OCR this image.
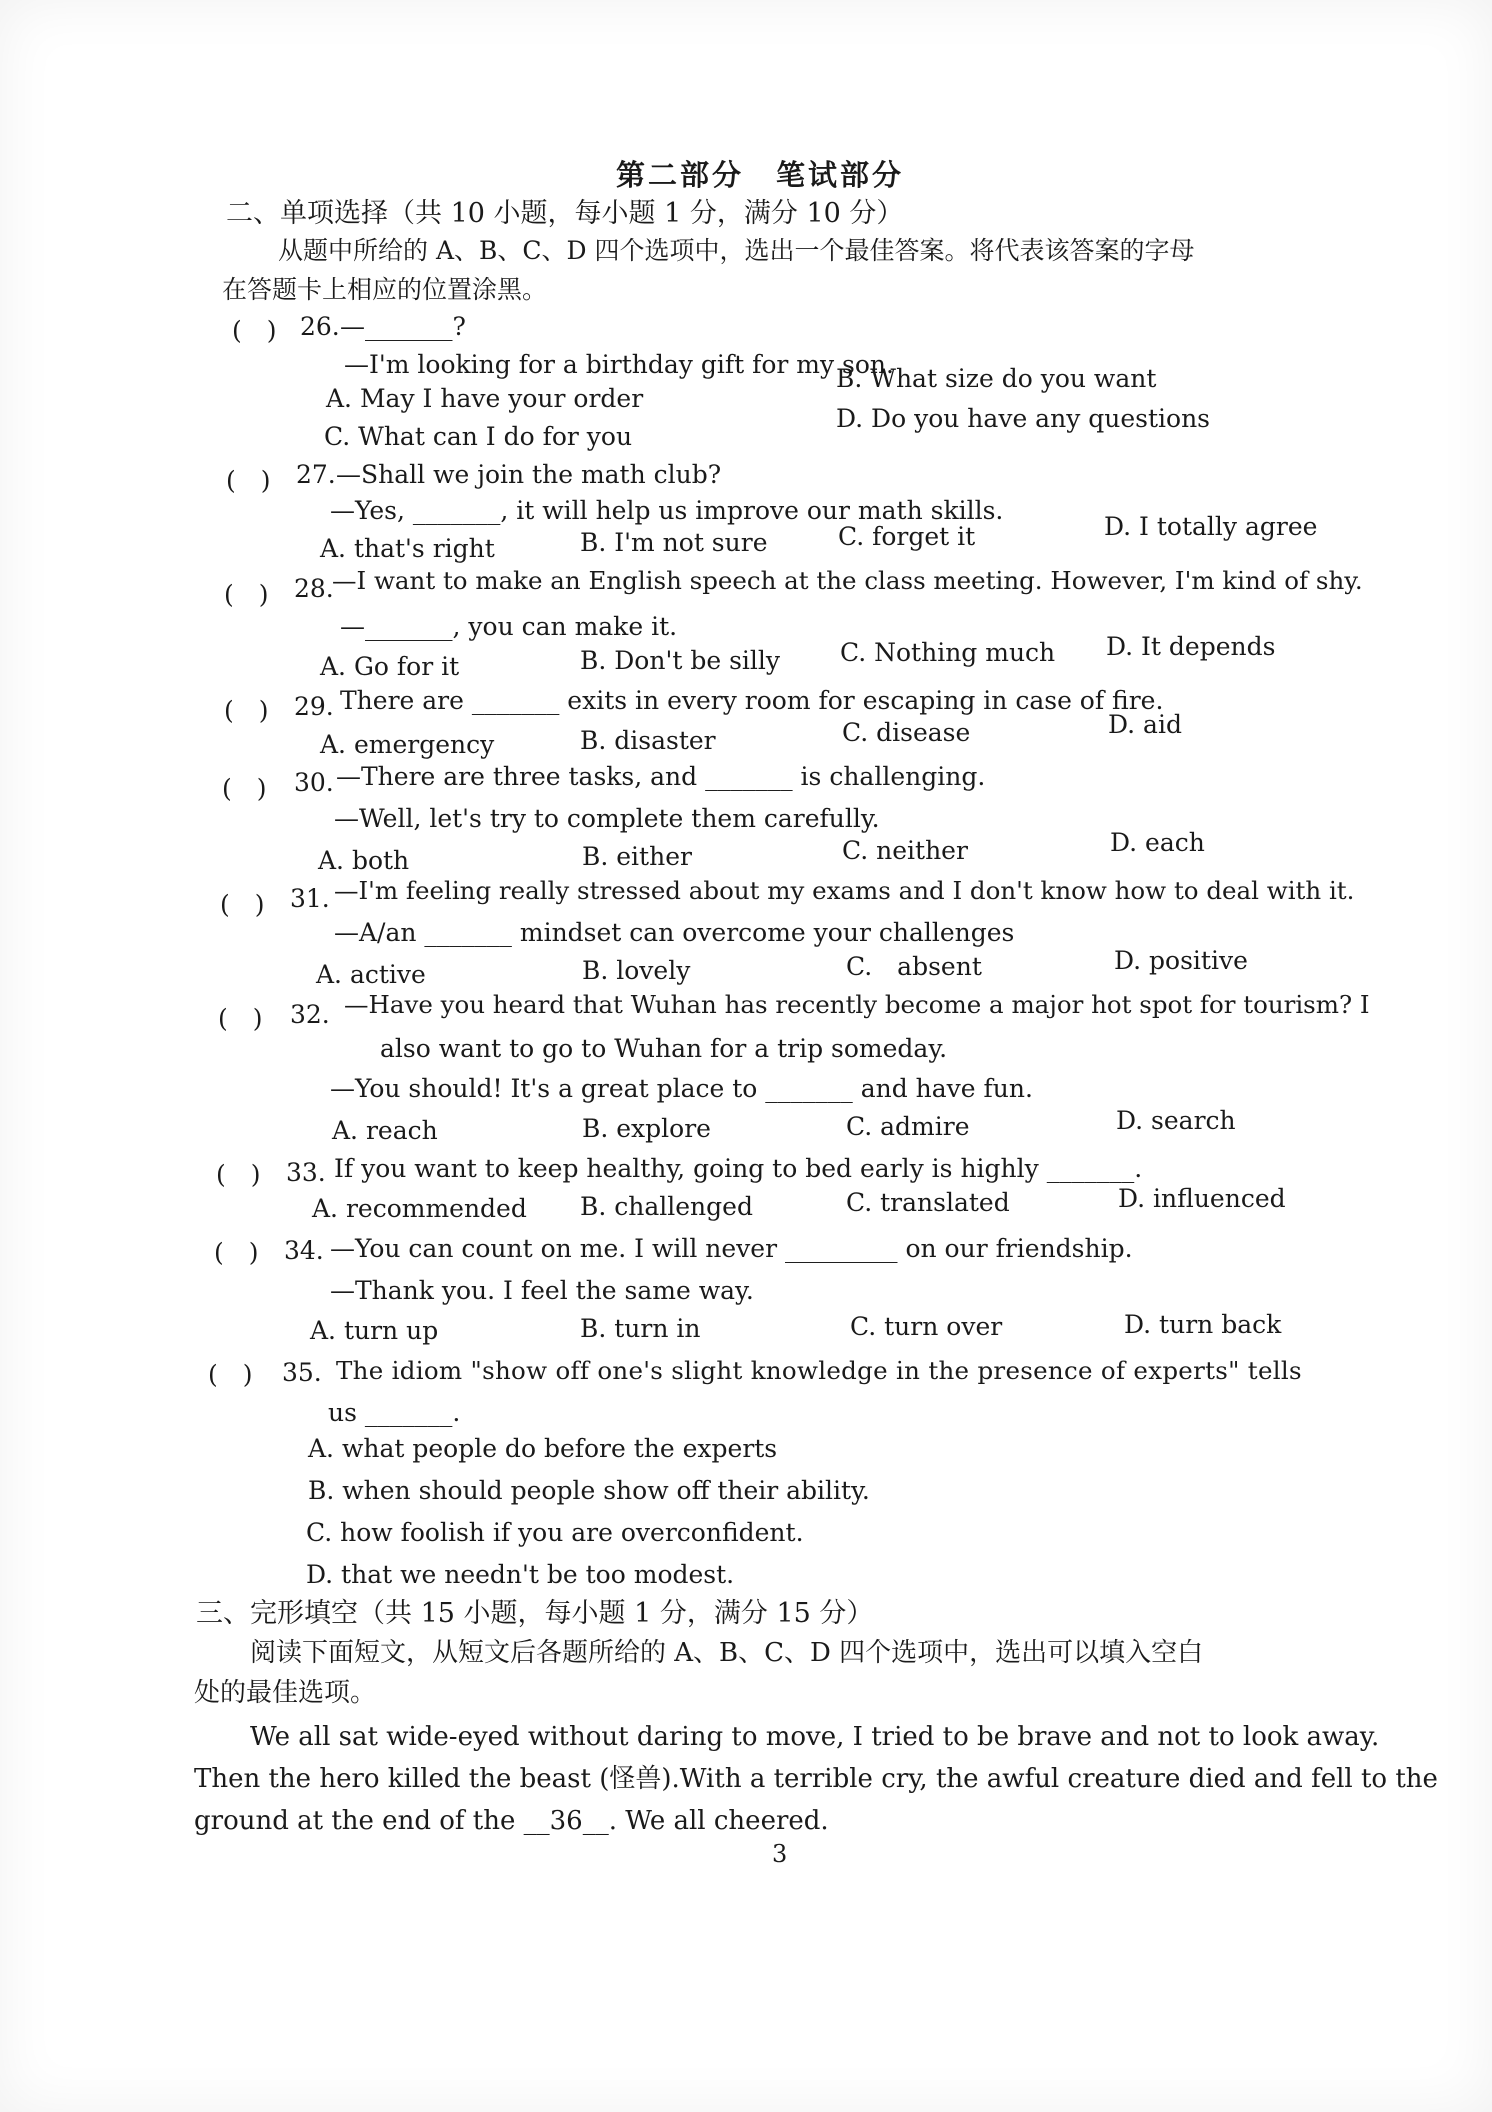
第二部分　笔试部分
二、单项选择（共 10 小题，每小题 1 分，满分 10 分）
从题中所给的 A、B、C、D 四个选项中，选出一个最佳答案。将代表该答案的字母
在答题卡上相应的位置涂黑。
(　) 26. —_______?
—I'm looking for a birthday gift for my son.
A. May I have your order
B. What size do you want
C. What can I do for you
D. Do you have any questions
(　) 27. —Shall we join the math club?
—Yes, _______, it will help us improve our math skills.
A. that's right	B. I'm not sure	C. forget it	D. I totally agree
(　) 28.
—I want to make an English speech at the class meeting. However, I'm kind of shy.
—_______, you can make it.
A. Go for it	B. Don't be silly C. Nothing much D. It depends
(　) 29. There are _______ exits in every room for escaping in case of fire.
A. emergency	B. disaster	C. disease	D. aid
(　) 30. —There are three tasks, and _______ is challenging.
—Well, let's try to complete them carefully.
A. both	B. either	C. neither	D. each
(　) 31. —I'm feeling really stressed about my exams and I don't know how to deal with it.
—A/an _______ mindset can overcome your challenges
A. active	B. lovely	C.　absent	D. positive
(　) 32. —Have you heard that Wuhan has recently become a major hot spot for tourism? I
also want to go to Wuhan for a trip someday.
—You should! It's a great place to _______ and have fun.
A. reach	B. explore	C. admire	D. search
(　) 33. If you want to keep healthy, going to bed early is highly _______.
A. recommended B. challenged	C. translated	D. influenced
(　) 34. —You can count on me. I will never _________ on our friendship.
—Thank you. I feel the same way.
A. turn up	B. turn in	C. turn over	D. turn back
(　) 35. The idiom "show off one's slight knowledge in the presence of experts" tells
us _______.
A. what people do before the experts
B. when should people show off their ability.
C. how foolish if you are overconfident.
D. that we needn't be too modest.
三、完形填空（共 15 小题，每小题 1 分，满分 15 分）
阅读下面短文，从短文后各题所给的 A、B、C、D 四个选项中，选出可以填入空白
处的最佳选项。
We all sat wide-eyed without daring to move, I tried to be brave and not to look away.
Then the hero killed the beast (怪兽).With a terrible cry, the awful creature died and fell to the
ground at the end of the __36__. We all cheered.
3
